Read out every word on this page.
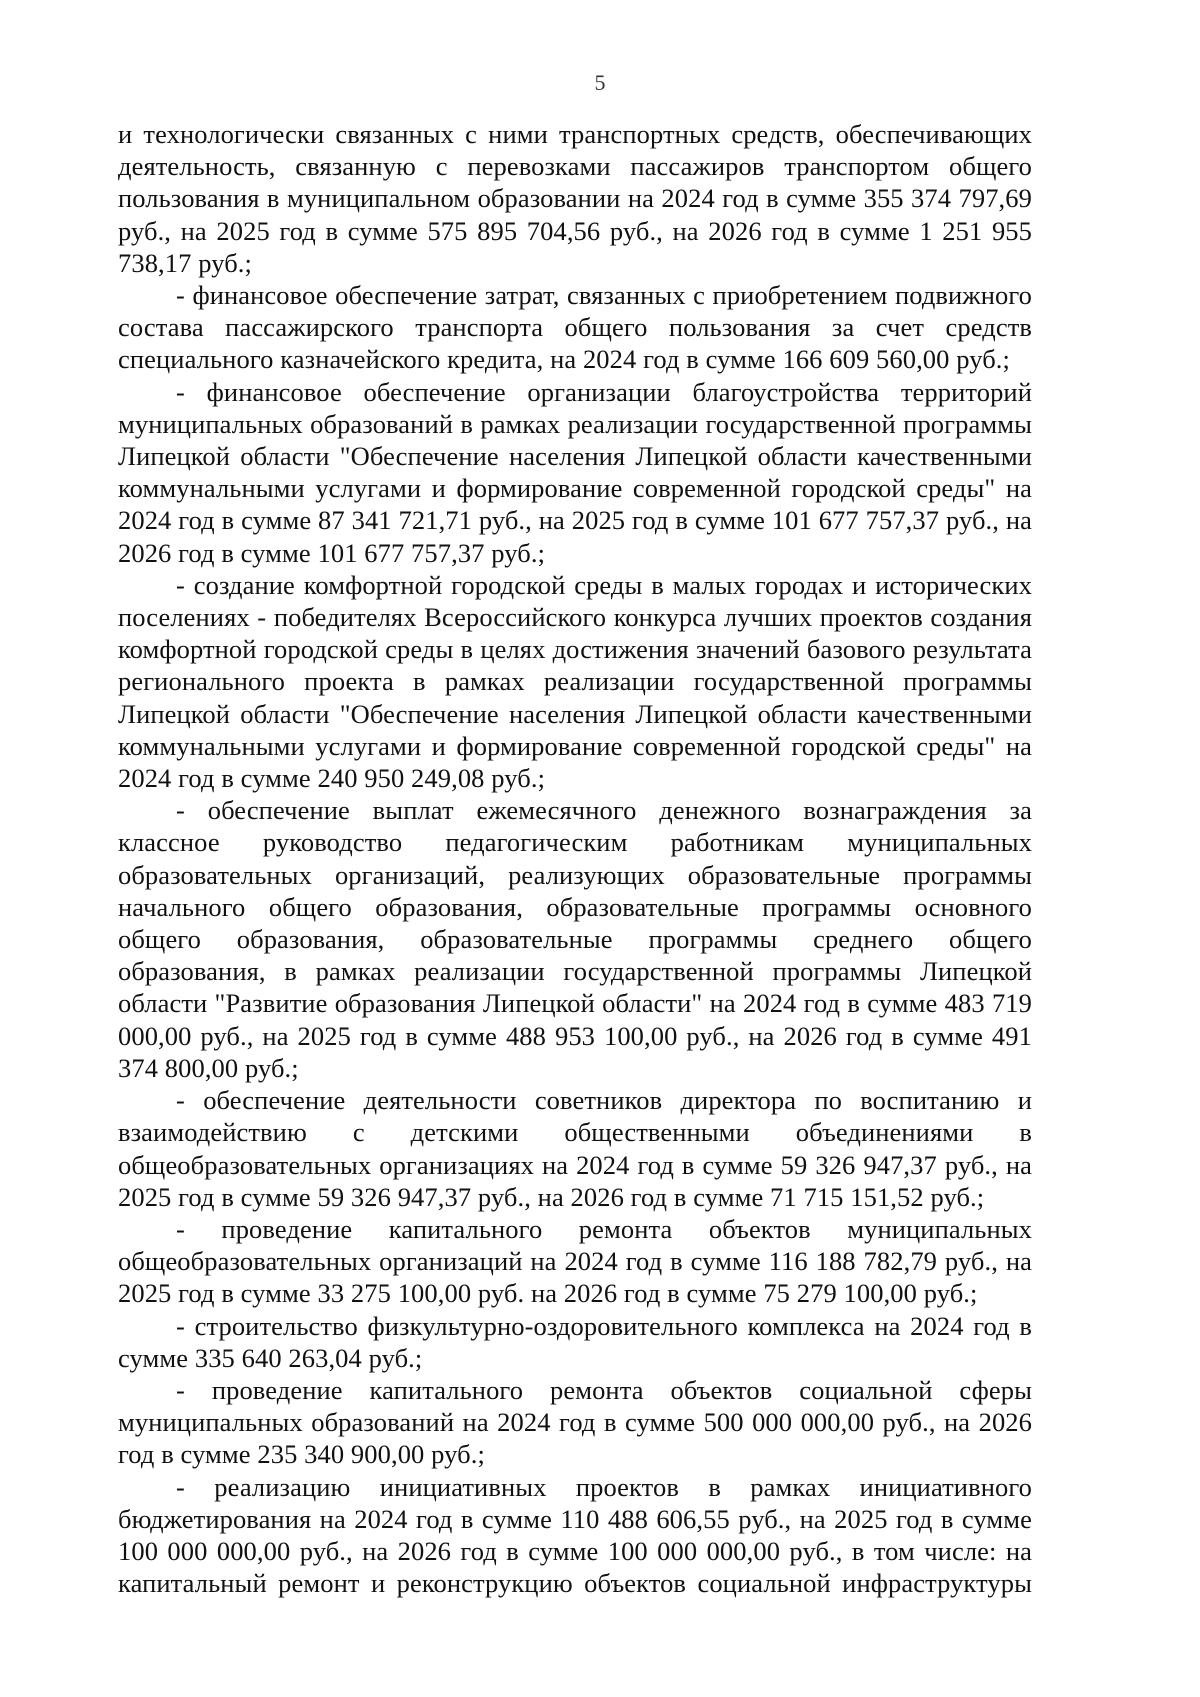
5

и технологически связанных с ними транспортных средств, обеспечивающих деятельность, связанную с перевозками пассажиров транспортом общего пользования в муниципальном образовании на 2024 год в сумме 355 374 797,69 руб., на 2025 год в сумме 575 895 704,56 руб., на 2026 год в сумме 1 251 955 738,17 руб.;

- финансовое обеспечение затрат, связанных с приобретением подвижного состава пассажирского транспорта общего пользования за счет средств специального казначейского кредита, на 2024 год в сумме 166 609 560,00 руб.;

- финансовое обеспечение организации благоустройства территорий муниципальных образований в рамках реализации государственной программы Липецкой области "Обеспечение населения Липецкой области качественными коммунальными услугами и формирование современной городской среды" на 2024 год в сумме 87 341 721,71 руб., на 2025 год в сумме 101 677 757,37 руб., на 2026 год в сумме 101 677 757,37 руб.;

- создание комфортной городской среды в малых городах и исторических поселениях - победителях Всероссийского конкурса лучших проектов создания комфортной городской среды в целях достижения значений базового результата регионального проекта в рамках реализации государственной программы Липецкой области "Обеспечение населения Липецкой области качественными коммунальными услугами и формирование современной городской среды" на 2024 год в сумме 240 950 249,08 руб.;

- обеспечение выплат ежемесячного денежного вознаграждения за классное руководство педагогическим работникам муниципальных образовательных организаций, реализующих образовательные программы начального общего образования, образовательные программы основного общего образования, образовательные программы среднего общего образования, в рамках реализации государственной программы Липецкой области "Развитие образования Липецкой области" на 2024 год в сумме 483 719 000,00 руб., на 2025 год в сумме 488 953 100,00 руб., на 2026 год в сумме 491 374 800,00 руб.;

- обеспечение деятельности советников директора по воспитанию и взаимодействию с детскими общественными объединениями в общеобразовательных организациях на 2024 год в сумме 59 326 947,37 руб., на 2025 год в сумме 59 326 947,37 руб., на 2026 год в сумме 71 715 151,52 руб.;

- проведение капитального ремонта объектов муниципальных общеобразовательных организаций на 2024 год в сумме 116 188 782,79 руб., на 2025 год в сумме 33 275 100,00 руб. на 2026 год в сумме 75 279 100,00 руб.;

- строительство физкультурно-оздоровительного комплекса на 2024 год в сумме 335 640 263,04 руб.;

- проведение капитального ремонта объектов социальной сферы муниципальных образований на 2024 год в сумме 500 000 000,00 руб., на 2026 год в сумме 235 340 900,00 руб.;

- реализацию инициативных проектов в рамках инициативного бюджетирования на 2024 год в сумме 110 488 606,55 руб., на 2025 год в сумме 100 000 000,00 руб., на 2026 год в сумме 100 000 000,00 руб., в том числе: на капитальный ремонт и реконструкцию объектов социальной инфраструктуры
